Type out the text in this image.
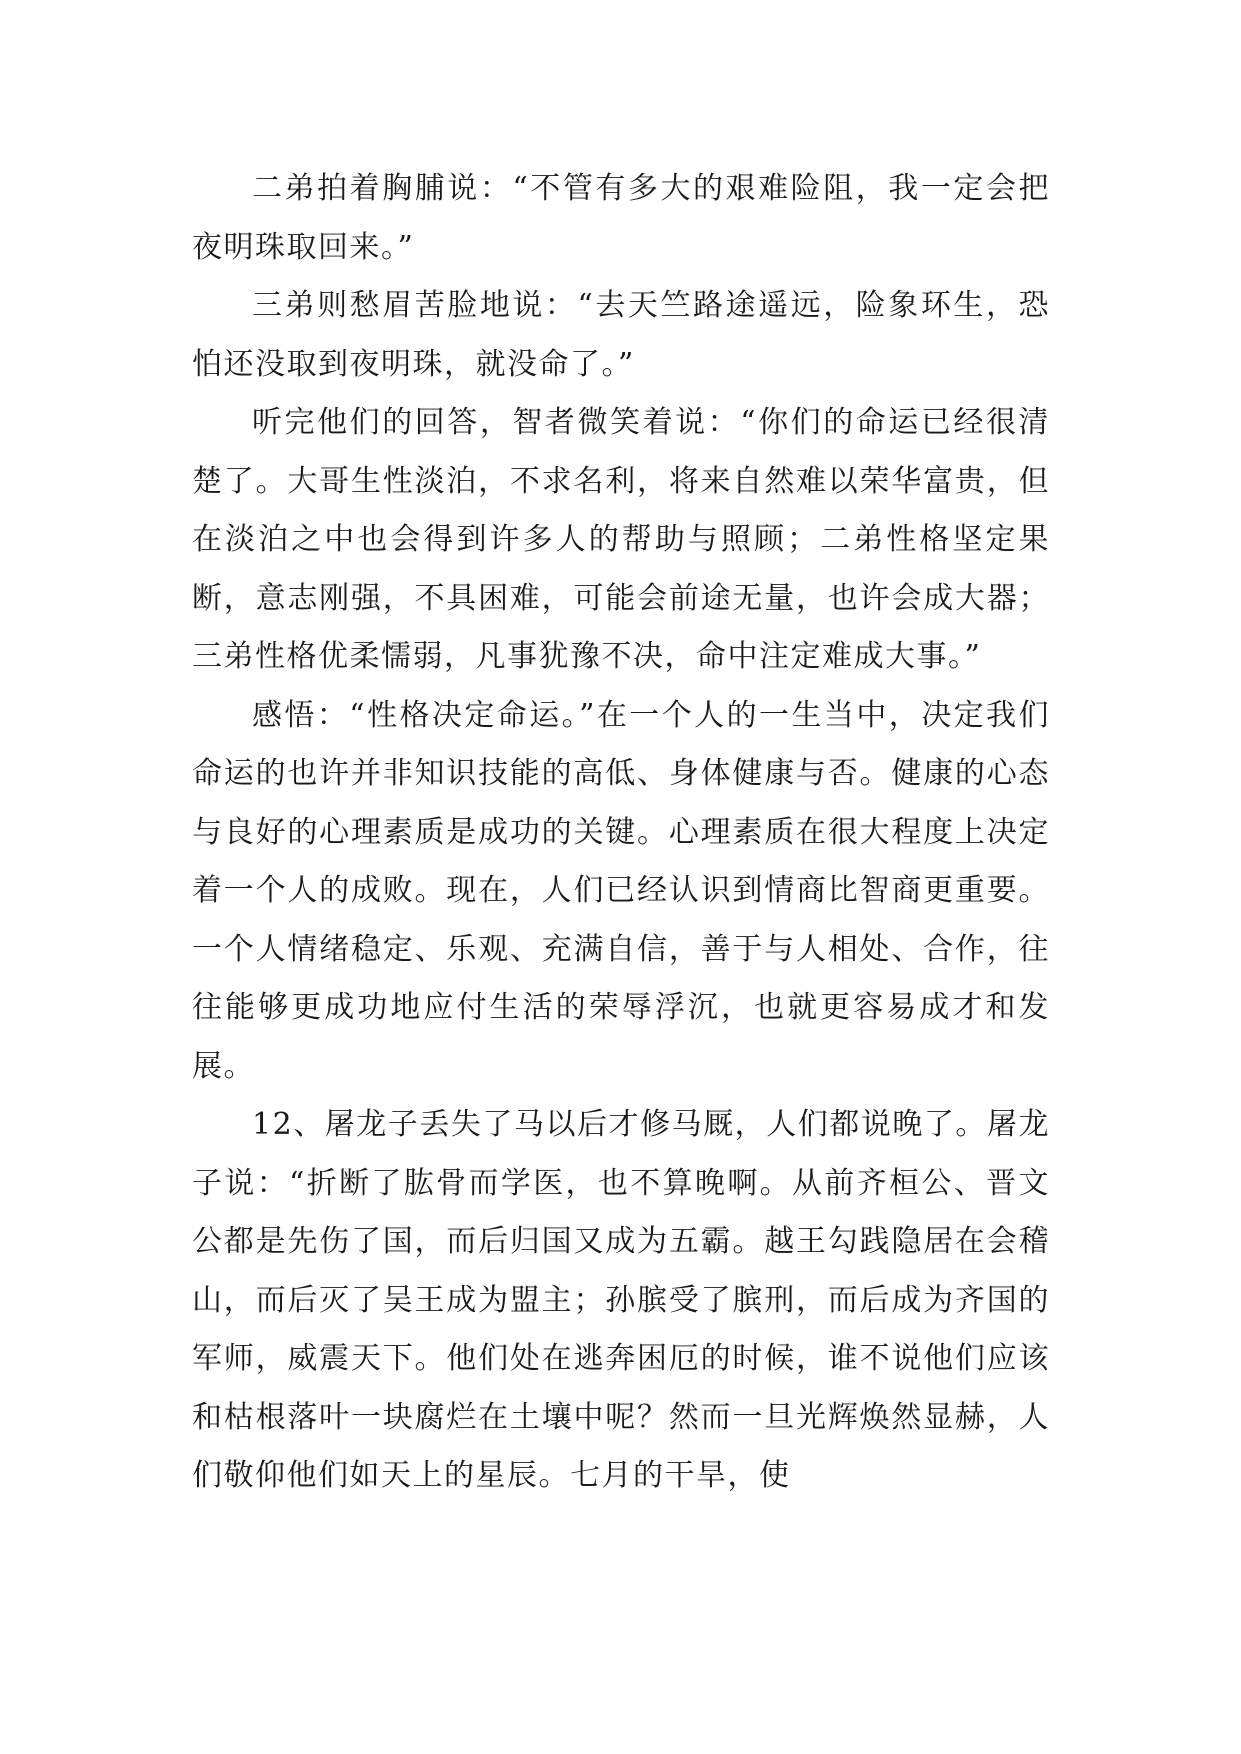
二弟拍着胸脯说：“不管有多大的艰难险阻，我一定会把夜明珠取回来。”

三弟则愁眉苦脸地说：“去天竺路途遥远，险象环生，恐怕还没取到夜明珠，就没命了。”

听完他们的回答，智者微笑着说：“你们的命运已经很清楚了。大哥生性淡泊，不求名利，将来自然难以荣华富贵，但在淡泊之中也会得到许多人的帮助与照顾；二弟性格坚定果断，意志刚强，不具困难，可能会前途无量，也许会成大器；三弟性格优柔懦弱，凡事犹豫不决，命中注定难成大事。”

感悟：“性格决定命运。”在一个人的一生当中，决定我们命运的也许并非知识技能的高低、身体健康与否。健康的心态与良好的心理素质是成功的关键。心理素质在很大程度上决定着一个人的成败。现在，人们已经认识到情商比智商更重要。一个人情绪稳定、乐观、充满自信，善于与人相处、合作，往往能够更成功地应付生活的荣辱浮沉，也就更容易成才和发展。

12、屠龙子丢失了马以后才修马厩，人们都说晚了。屠龙子说：“折断了肱骨而学医，也不算晚啊。从前齐桓公、晋文公都是先伤了国，而后归国又成为五霸。越王勾践隐居在会稽山，而后灭了吴王成为盟主；孙膑受了膑刑，而后成为齐国的军师，威震天下。他们处在逃奔困厄的时候，谁不说他们应该和枯根落叶一块腐烂在土壤中呢？然而一旦光辉焕然显赫，人们敬仰他们如天上的星辰。七月的干旱，使
